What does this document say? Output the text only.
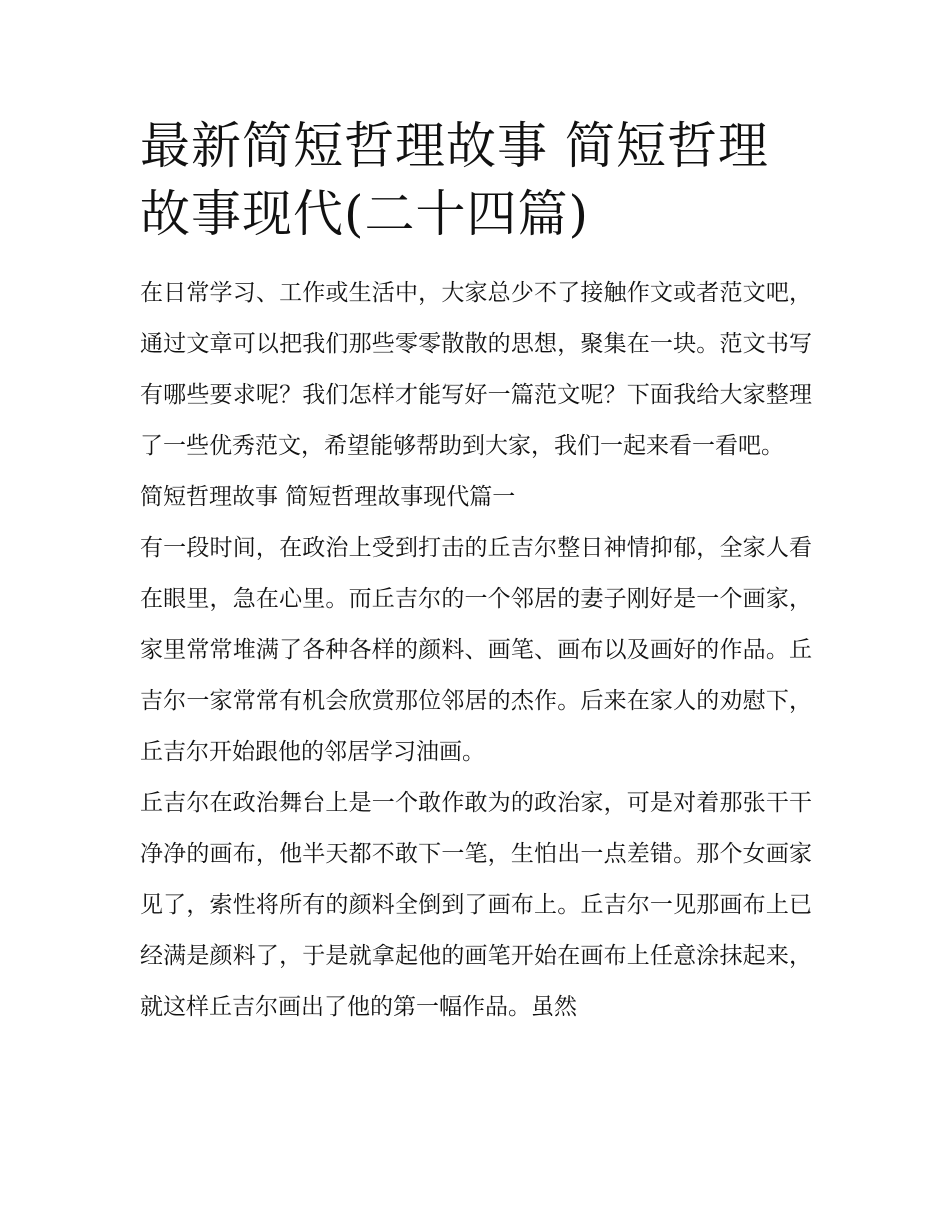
最新简短哲理故事 简短哲理故事现代(二十四篇)

在日常学习、工作或生活中，大家总少不了接触作文或者范文吧，通过文章可以把我们那些零零散散的思想，聚集在一块。范文书写有哪些要求呢？我们怎样才能写好一篇范文呢？下面我给大家整理了一些优秀范文，希望能够帮助到大家，我们一起来看一看吧。

简短哲理故事 简短哲理故事现代篇一

有一段时间，在政治上受到打击的丘吉尔整日神情抑郁，全家人看在眼里，急在心里。而丘吉尔的一个邻居的妻子刚好是一个画家，家里常常堆满了各种各样的颜料、画笔、画布以及画好的作品。丘吉尔一家常常有机会欣赏那位邻居的杰作。后来在家人的劝慰下，丘吉尔开始跟他的邻居学习油画。

丘吉尔在政治舞台上是一个敢作敢为的政治家，可是对着那张干干净净的画布，他半天都不敢下一笔，生怕出一点差错。那个女画家见了，索性将所有的颜料全倒到了画布上。丘吉尔一见那画布上已经满是颜料了，于是就拿起他的画笔开始在画布上任意涂抹起来，就这样丘吉尔画出了他的第一幅作品。虽然
